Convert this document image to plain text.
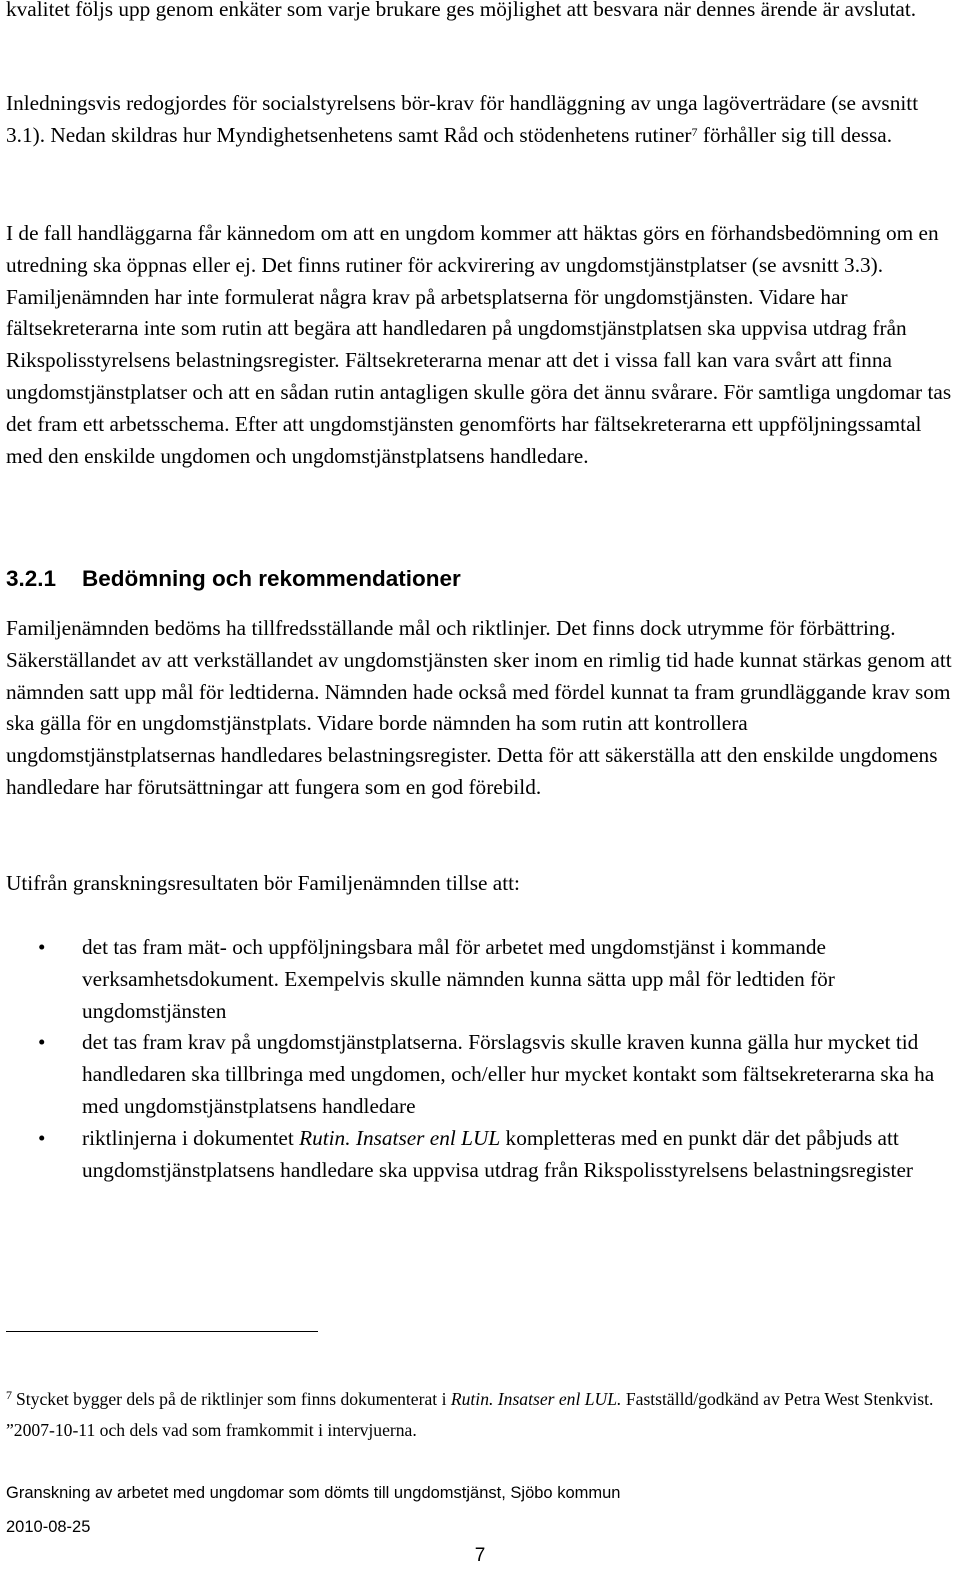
kvalitet följs upp genom enkäter som varje brukare ges möjlighet att besvara när dennes ärende är avslutat.

Inledningsvis redogjordes för socialstyrelsens bör-krav för handläggning av unga lagöverträdare (se avsnitt 3.1). Nedan skildras hur Myndighetsenhetens samt Råd och stödenhetens rutiner$^7$ förhåller sig till dessa.

I de fall handläggarna får kännedom om att en ungdom kommer att häktas görs en förhandsbedömning om en utredning ska öppnas eller ej. Det finns rutiner för ackvirering av ungdomstjänstplatser (se avsnitt 3.3). Familjenämnden har inte formulerat några krav på arbetsplatserna för ungdomstjänsten. Vidare har fältsekreterarna inte som rutin att begära att handledaren på ungdomstjänstplatsen ska uppvisa utdrag från Rikspolisstyrelsens belastningsregister. Fältsekreterarna menar att det i vissa fall kan vara svårt att finna ungdomstjänstplatser och att en sådan rutin antagligen skulle göra det ännu svårare. För samtliga ungdomar tas det fram ett arbetsschema. Efter att ungdomstjänsten genomförts har fältsekreterarna ett uppföljningssamtal med den enskilde ungdomen och ungdomstjänstplatsens handledare.

3.2.1 Bedömning och rekommendationer

Familjenämnden bedöms ha tillfredsställande mål och riktlinjer. Det finns dock utrymme för förbättring. Säkerställandet av att verkställandet av ungdomstjänsten sker inom en rimlig tid hade kunnat stärkas genom att nämnden satt upp mål för ledtiderna. Nämnden hade också med fördel kunnat ta fram grundläggande krav som ska gälla för en ungdomstjänstplats. Vidare borde nämnden ha som rutin att kontrollera ungdomstjänstplatsernas handledares belastningsregister. Detta för att säkerställa att den enskilde ungdomens handledare har förutsättningar att fungera som en god förebild.

Utifrån granskningsresultaten bör Familjenämnden tillse att:

• det tas fram mät- och uppföljningsbara mål för arbetet med ungdomstjänst i kommande verksamhetsdokument. Exempelvis skulle nämnden kunna sätta upp mål för ledtiden för ungdomstjänsten
• det tas fram krav på ungdomstjänstplatserna. Förslagsvis skulle kraven kunna gälla hur mycket tid handledaren ska tillbringa med ungdomen, och/eller hur mycket kontakt som fältsekreterarna ska ha med ungdomstjänstplatsens handledare
• riktlinjerna i dokumentet Rutin. Insatser enl LUL kompletteras med en punkt där det påbjuds att ungdomstjänstplatsens handledare ska uppvisa utdrag från Rikspolisstyrelsens belastningsregister

$^7$ Stycket bygger dels på de riktlinjer som finns dokumenterat i Rutin. Insatser enl LUL. Fastställd/godkänd av Petra West Stenkvist. ”2007-10-11 och dels vad som framkommit i intervjuerna.

Granskning av arbetet med ungdomar som dömts till ungdomstjänst, Sjöbo kommun
2010-08-25
7
